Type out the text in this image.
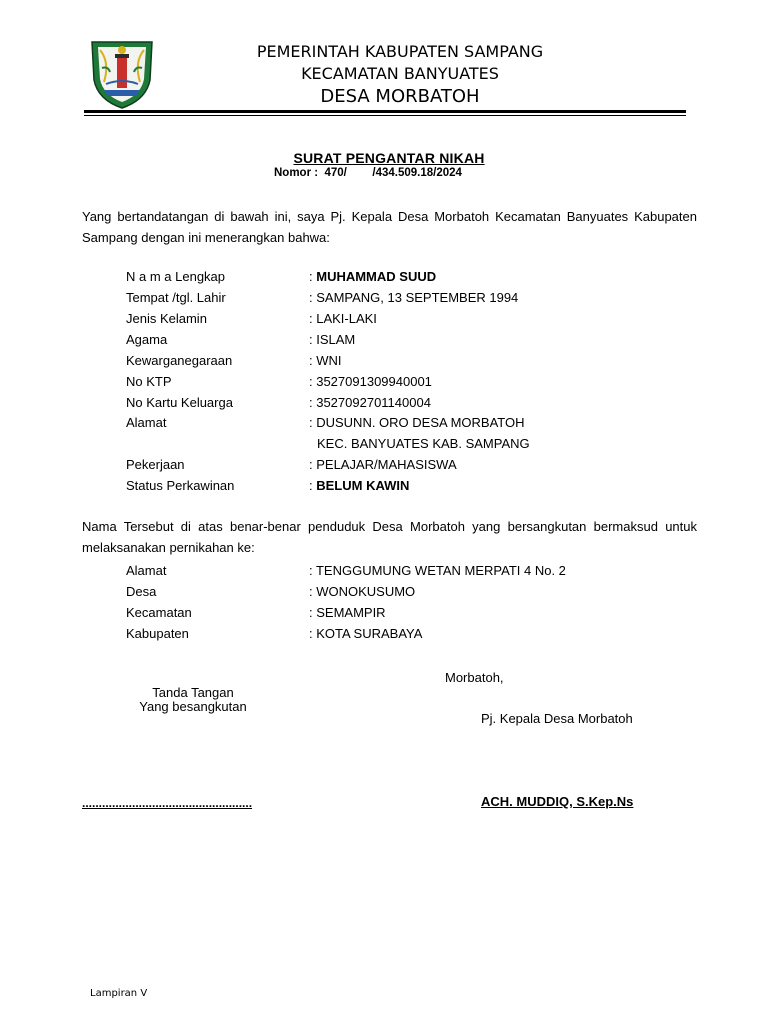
PEMERINTAH KABUPATEN SAMPANG
KECAMATAN BANYUATES
DESA MORBATOH
SURAT PENGANTAR NIKAH
Nomor :  470/        /434.509.18/2024
Yang bertandatangan di bawah ini, saya Pj. Kepala Desa Morbatoh Kecamatan Banyuates Kabupaten Sampang dengan ini menerangkan bahwa:
N a m a Lengkap	: MUHAMMAD SUUD
Tempat /tgl. Lahir	: SAMPANG, 13 SEPTEMBER 1994
Jenis Kelamin	: LAKI-LAKI
Agama	: ISLAM
Kewarganegaraan	: WNI
No KTP	: 3527091309940001
No Kartu Keluarga	: 3527092701140004
Alamat	: DUSUNN. ORO DESA MORBATOH
KEC. BANYUATES KAB. SAMPANG
Pekerjaan	: PELAJAR/MAHASISWA
Status Perkawinan	: BELUM KAWIN
Nama Tersebut di atas benar-benar penduduk Desa Morbatoh yang bersangkutan bermaksud untuk melaksanakan pernikahan ke:
Alamat	: TENGGUMUNG WETAN MERPATI 4 No. 2
Desa	: WONOKUSUMO
Kecamatan	: SEMAMPIR
Kabupaten	: KOTA SURABAYA
Morbatoh,
Tanda Tangan
Yang besangkutan
Pj. Kepala Desa Morbatoh
...................................................	ACH. MUDDIQ, S.Kep.Ns
Lampiran V
